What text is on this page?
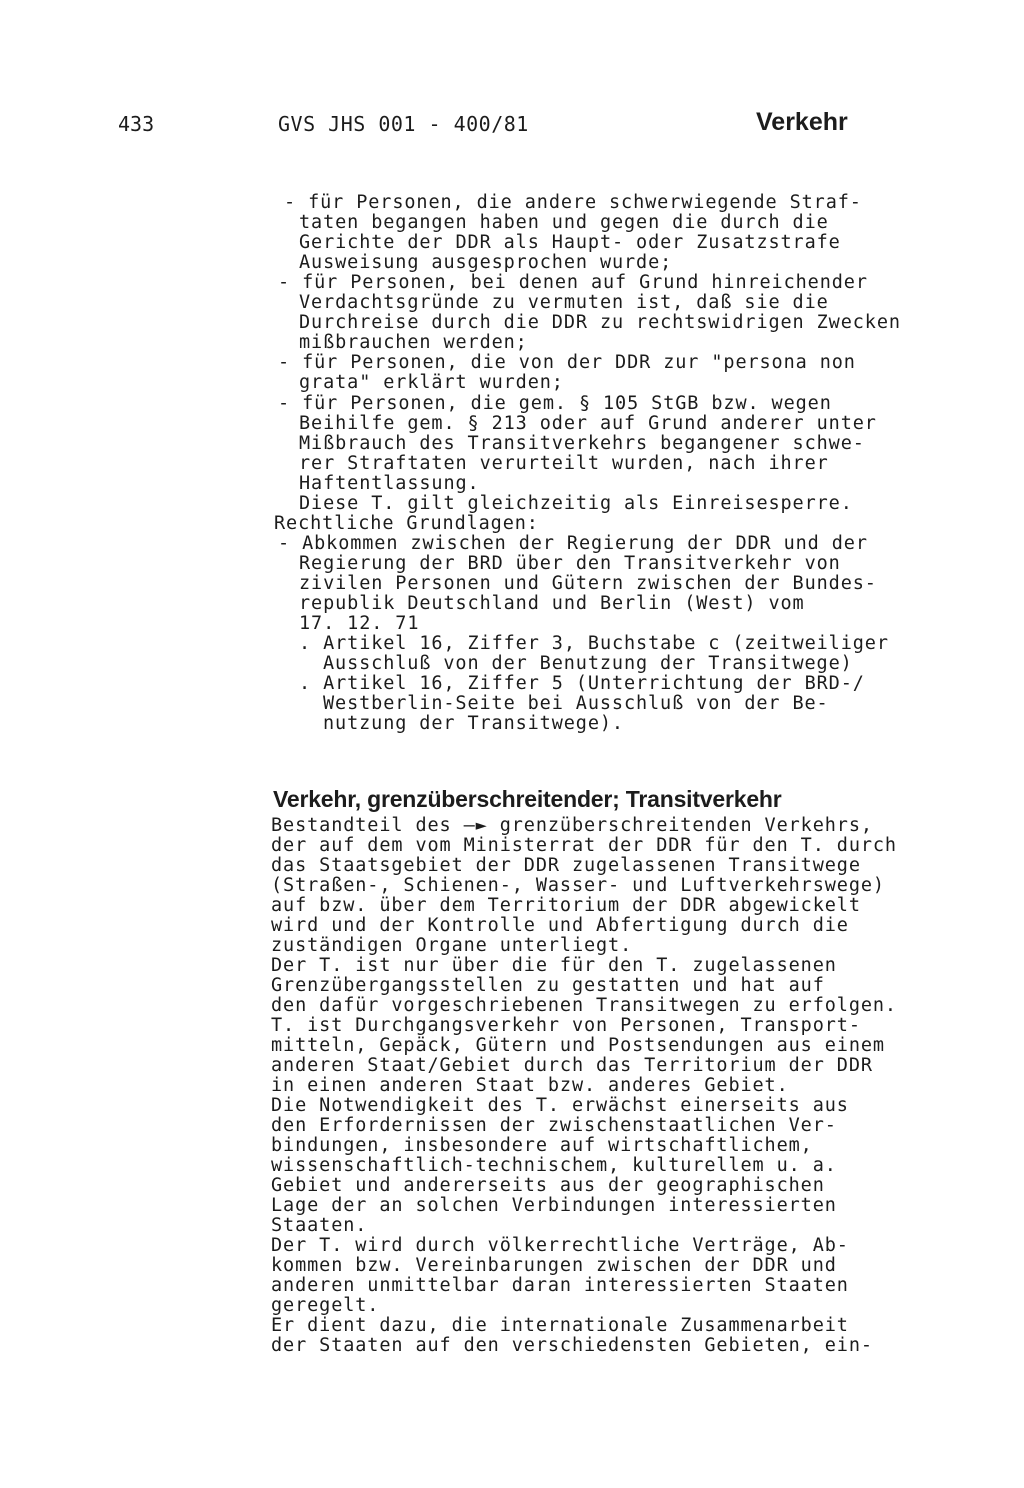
433	GVS JHS 001 - 400/81	Verkehr
- für Personen, die andere schwerwiegende Straf-
taten begangen haben und gegen die durch die
Gerichte der DDR als Haupt- oder Zusatzstrafe
Ausweisung ausgesprochen wurde;
- für Personen, bei denen auf Grund hinreichender
Verdachtsgründe zu vermuten ist, daß sie die
Durchreise durch die DDR zu rechtswidrigen Zwecken
mißbrauchen werden;
- für Personen, die von der DDR zur "persona non
grata" erklärt wurden;
- für Personen, die gem. § 105 StGB bzw. wegen
Beihilfe gem. § 213 oder auf Grund anderer unter
Mißbrauch des Transitverkehrs begangener schwe-
rer Straftaten verurteilt wurden, nach ihrer
Haftentlassung.
Diese T. gilt gleichzeitig als Einreisesperre.
Rechtliche Grundlagen:
- Abkommen zwischen der Regierung der DDR und der
Regierung der BRD über den Transitverkehr von
zivilen Personen und Gütern zwischen der Bundes-
republik Deutschland und Berlin (West) vom
17. 12. 71
. Artikel 16, Ziffer 3, Buchstabe c (zeitweiliger
Ausschluß von der Benutzung der Transitwege)
. Artikel 16, Ziffer 5 (Unterrichtung der BRD-/
Westberlin-Seite bei Ausschluß von der Be-
nutzung der Transitwege).
Verkehr, grenzüberschreitender; Transitverkehr
Bestandteil des —► grenzüberschreitenden Verkehrs,
der auf dem vom Ministerrat der DDR für den T. durch
das Staatsgebiet der DDR zugelassenen Transitwege
(Straßen-, Schienen-, Wasser- und Luftverkehrswege)
auf bzw. über dem Territorium der DDR abgewickelt
wird und der Kontrolle und Abfertigung durch die
zuständigen Organe unterliegt.
Der T. ist nur über die für den T. zugelassenen
Grenzübergangsstellen zu gestatten und hat auf
den dafür vorgeschriebenen Transitwegen zu erfolgen.
T. ist Durchgangsverkehr von Personen, Transport-
mitteln, Gepäck, Gütern und Postsendungen aus einem
anderen Staat/Gebiet durch das Territorium der DDR
in einen anderen Staat bzw. anderes Gebiet.
Die Notwendigkeit des T. erwächst einerseits aus
den Erfordernissen der zwischenstaatlichen Ver-
bindungen, insbesondere auf wirtschaftlichem,
wissenschaftlich-technischem, kulturellem u. a.
Gebiet und andererseits aus der geographischen
Lage der an solchen Verbindungen interessierten
Staaten.
Der T. wird durch völkerrechtliche Verträge, Ab-
kommen bzw. Vereinbarungen zwischen der DDR und
anderen unmittelbar daran interessierten Staaten
geregelt.
Er dient dazu, die internationale Zusammenarbeit
der Staaten auf den verschiedensten Gebieten, ein-
